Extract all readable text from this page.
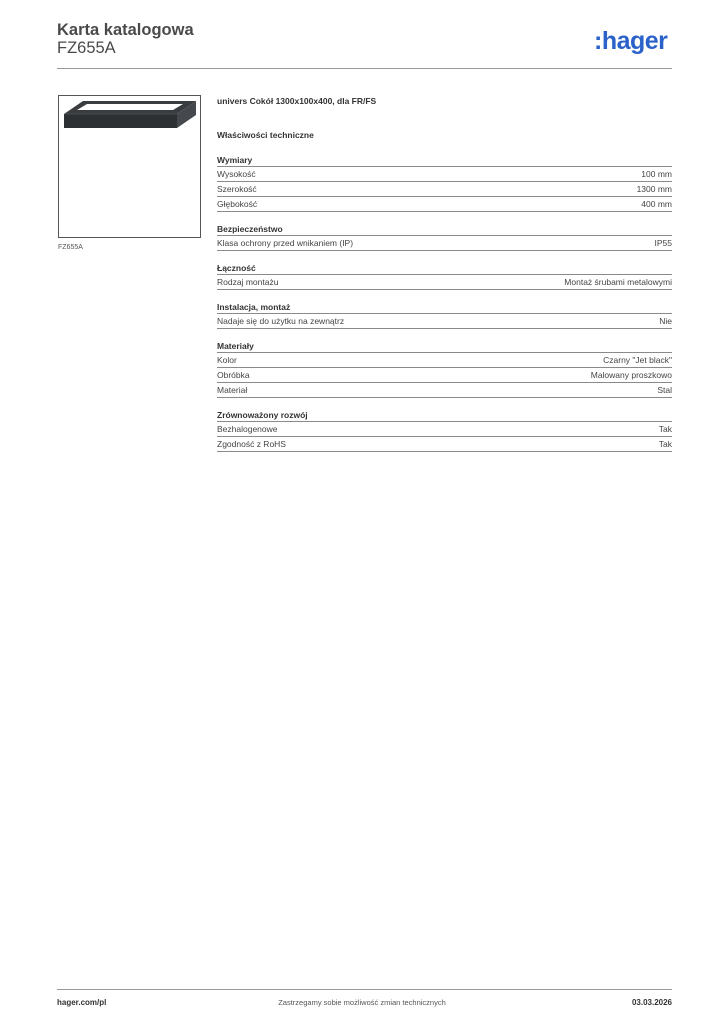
Karta katalogowa
FZ655A	:hager
FZ655A
univers Cokół 1300x100x400, dla FR/FS
Właściwości techniczne
Wymiary
Wysokość	100 mm
Szerokość	1300 mm
Głębokość	400 mm
Bezpieczeństwo
Klasa ochrony przed wnikaniem (IP)	IP55
Łączność
Rodzaj montażu	Montaż śrubami metalowymi
Instalacja, montaż
Nadaje się do użytku na zewnątrz	Nie
Materiały
Kolor	Czarny "Jet black"
Obróbka	Malowany proszkowo
Materiał	Stal
Zrównoważony rozwój
Bezhalogenowe	Tak
Zgodność z RoHS	Tak
hager.com/pl	Zastrzegamy sobie możliwość zmian technicznych	03.03.2026
